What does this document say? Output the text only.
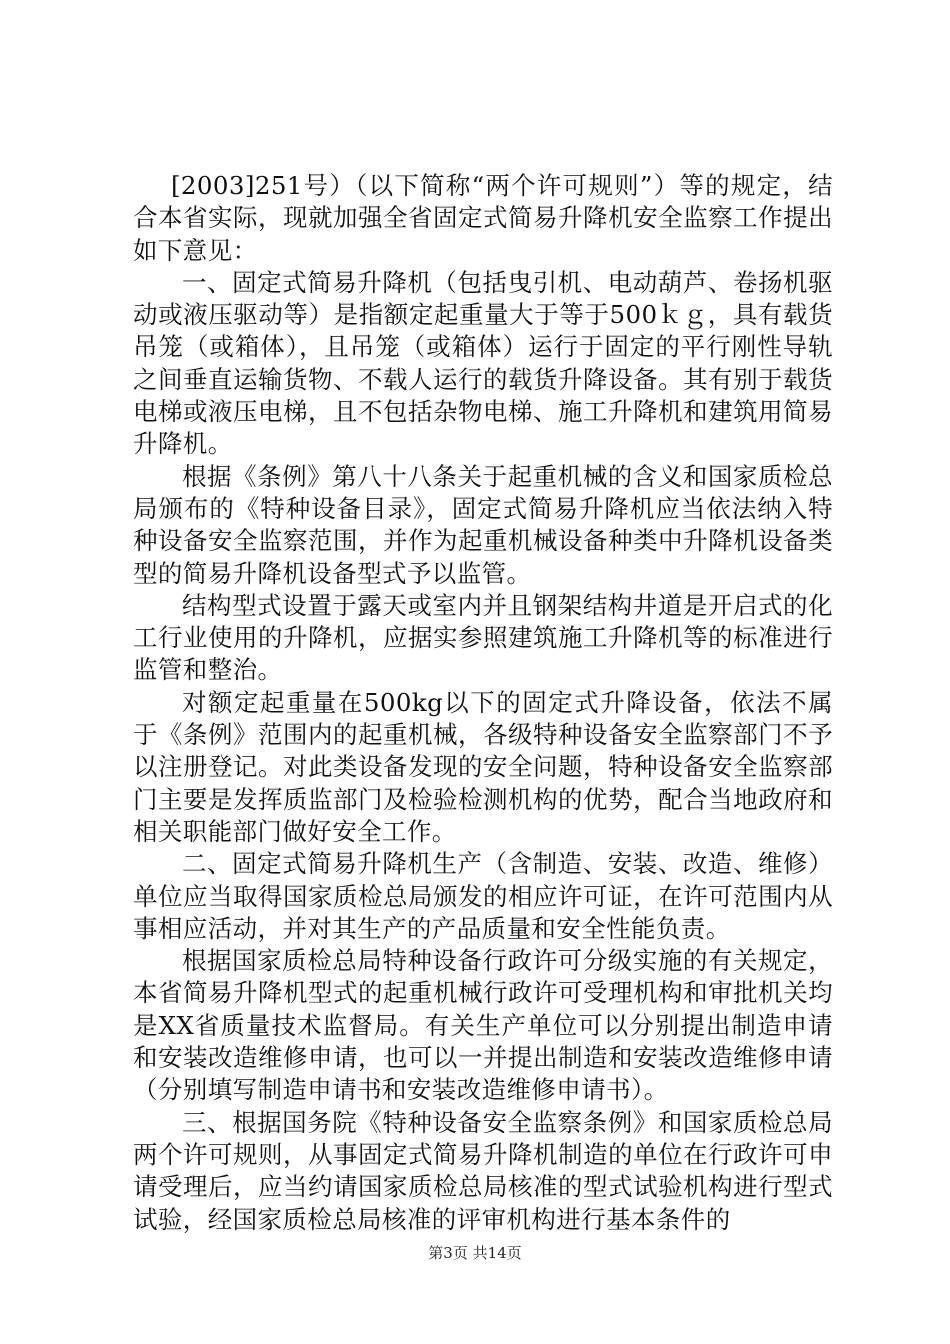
[2003]251号）（以下简称“两个许可规则”）等的规定，结合本省实际，现就加强全省固定式简易升降机安全监察工作提出如下意见：

一、固定式简易升降机（包括曳引机、电动葫芦、卷扬机驱动或液压驱动等）是指额定起重量大于等于500ｋｇ，具有载货吊笼（或箱体），且吊笼（或箱体）运行于固定的平行刚性导轨之间垂直运输货物、不载人运行的载货升降设备。其有别于载货电梯或液压电梯，且不包括杂物电梯、施工升降机和建筑用简易升降机。

根据《条例》第八十八条关于起重机械的含义和国家质检总局颁布的《特种设备目录》，固定式简易升降机应当依法纳入特种设备安全监察范围，并作为起重机械设备种类中升降机设备类型的简易升降机设备型式予以监管。

结构型式设置于露天或室内并且钢架结构井道是开启式的化工行业使用的升降机，应据实参照建筑施工升降机等的标准进行监管和整治。

对额定起重量在500kg以下的固定式升降设备，依法不属于《条例》范围内的起重机械，各级特种设备安全监察部门不予以注册登记。对此类设备发现的安全问题，特种设备安全监察部门主要是发挥质监部门及检验检测机构的优势，配合当地政府和相关职能部门做好安全工作。

二、固定式简易升降机生产（含制造、安装、改造、维修）单位应当取得国家质检总局颁发的相应许可证，在许可范围内从事相应活动，并对其生产的产品质量和安全性能负责。

根据国家质检总局特种设备行政许可分级实施的有关规定，本省简易升降机型式的起重机械行政许可受理机构和审批机关均是XX省质量技术监督局。有关生产单位可以分别提出制造申请和安装改造维修申请，也可以一并提出制造和安装改造维修申请（分别填写制造申请书和安装改造维修申请书）。

三、根据国务院《特种设备安全监察条例》和国家质检总局两个许可规则，从事固定式简易升降机制造的单位在行政许可申请受理后，应当约请国家质检总局核准的型式试验机构进行型式试验，经国家质检总局核准的评审机构进行基本条件的

第3页 共14页
